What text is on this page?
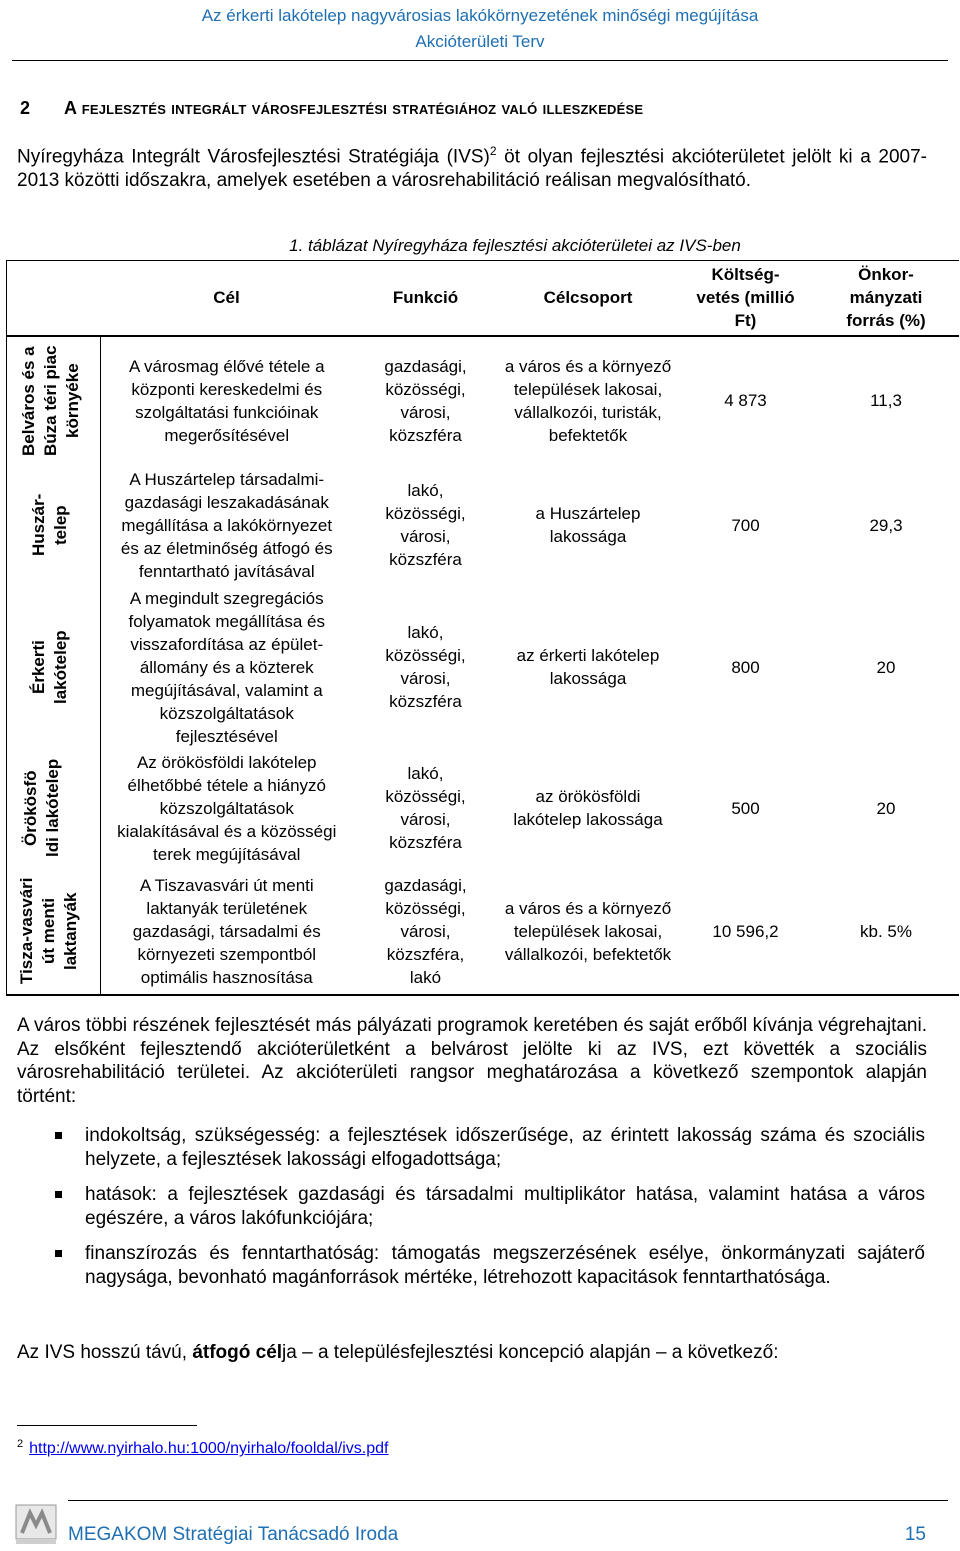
Az érkerti lakótelep nagyvárosias lakókörnyezetének minőségi megújítása
Akcióterületi Terv
2 A fejlesztés integrált városfejlesztési stratégiához való illeszkedése
Nyíregyháza Integrált Városfejlesztési Stratégiája (IVS)$^2$ öt olyan fejlesztési akcióterületet jelölt ki a 2007-2013 közötti időszakra, amelyek esetében a városrehabilitáció reálisan megvalósítható.
1. táblázat Nyíregyháza fejlesztési akcióterületei az IVS-ben
	Cél	Funkció	Célcsoport	Költség-vetés (millió Ft)	Önkor-mányzati forrás (%)

Belváros és a Búza téri piac környéke	A városmag élővé tétele a központi kereskedelmi és szolgáltatási funkcióinak megerősítésével	gazdasági, közösségi, városi, közszféra	a város és a környező települések lakosai, vállalkozói, turisták, befektetők	4 873	11,3

Huszár-telep	A Huszártelep társadalmi-gazdasági leszakadásának megállítása a lakókörnyezet és az életminőség átfogó és fenntartható javításával	lakó, közösségi, városi, közszféra	a Huszártelep lakossága	700	29,3

Érkerti lakótelep	A megindult szegregációs folyamatok megállítása és visszafordítása az épület-állomány és a közterek megújításával, valamint a közszolgáltatások fejlesztésével	lakó, közösségi, városi, közszféra	az érkerti lakótelep lakossága	800	20

Örökösfö ldi lakótelep	Az örökösföldi lakótelep élhetőbbé tétele a hiányzó közszolgáltatások kialakításával és a közösségi terek megújításával	lakó, közösségi, városi, közszféra	az örökösföldi lakótelep lakossága	500	20

Tisza-vasvári út menti laktanyák	A Tiszavasvári út menti laktanyák területének gazdasági, társadalmi és környezeti szempontból optimális hasznosítása	gazdasági, közösségi, városi, közszféra, lakó	a város és a környező települések lakosai, vállalkozói, befektetők	10 596,2	kb. 5%
A város többi részének fejlesztését más pályázati programok keretében és saját erőből kívánja végrehajtani. Az elsőként fejlesztendő akcióterületként a belvárost jelölte ki az IVS, ezt követték a szociális városrehabilitáció területei. Az akcióterületi rangsor meghatározása a következő szempontok alapján történt:
indokoltság, szükségesség: a fejlesztések időszerűsége, az érintett lakosság száma és szociális helyzete, a fejlesztések lakossági elfogadottsága;
hatások: a fejlesztések gazdasági és társadalmi multiplikátor hatása, valamint hatása a város egészére, a város lakófunkciójára;
finanszírozás és fenntarthatóság: támogatás megszerzésének esélye, önkormányzati sajáterő nagysága, bevonható magánforrások mértéke, létrehozott kapacitások fenntarthatósága.
Az IVS hosszú távú, átfogó célja – a településfejlesztési koncepció alapján – a következő:
$^2$ http://www.nyirhalo.hu:1000/nyirhalo/fooldal/ivs.pdf
MEGAKOM Stratégiai Tanácsadó Iroda	15
